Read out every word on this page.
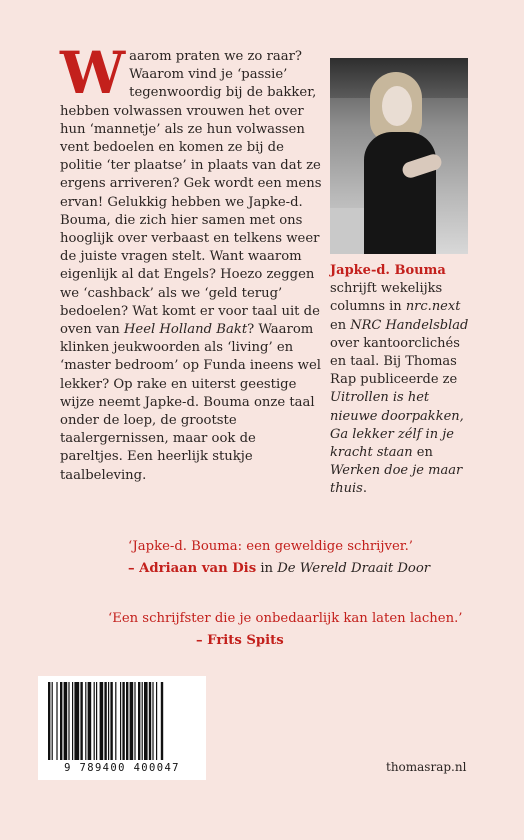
Waarom praten we zo raar? Waarom vind je ‘passie’ tegenwoordig bij de bakker, hebben volwassen vrouwen het over hun ‘mannetje’ als ze hun volwassen vent bedoelen en komen ze bij de politie ‘ter plaatse’ in plaats van dat ze ergens arriveren? Gek wordt een mens ervan! Gelukkig hebben we Japke-d. Bouma, die zich hier samen met ons hooglijk over verbaast en telkens weer de juiste vragen stelt. Want waarom eigenlijk al dat Engels? Hoezo zeggen we ‘cashback’ als we ‘geld terug’ bedoelen? Wat komt er voor taal uit de oven van Heel Holland Bakt? Waarom klinken jeukwoorden als ‘living’ en ‘master bedroom’ op Funda ineens wel lekker? Op rake en uiterst geestige wijze neemt Japke-d. Bouma onze taal onder de loep, de grootste taalergernissen, maar ook de pareltjes. Een heerlijk stukje taalbeleving.
Japke-d. Bouma
schrijft wekelijks columns in nrc.next en NRC Handelsblad over kantoorclichés en taal. Bij Thomas Rap publiceerde ze Uitrollen is het nieuwe doorpakken, Ga lekker zélf in je kracht staan en Werken doe je maar thuis.
‘Japke-d. Bouma: een geweldige schrijver.’
– Adriaan van Dis in De Wereld Draait Door
‘Een schrijfster die je onbedaarlijk kan laten lachen.’
– Frits Spits
9 789400 400047	thomasrap.nl
